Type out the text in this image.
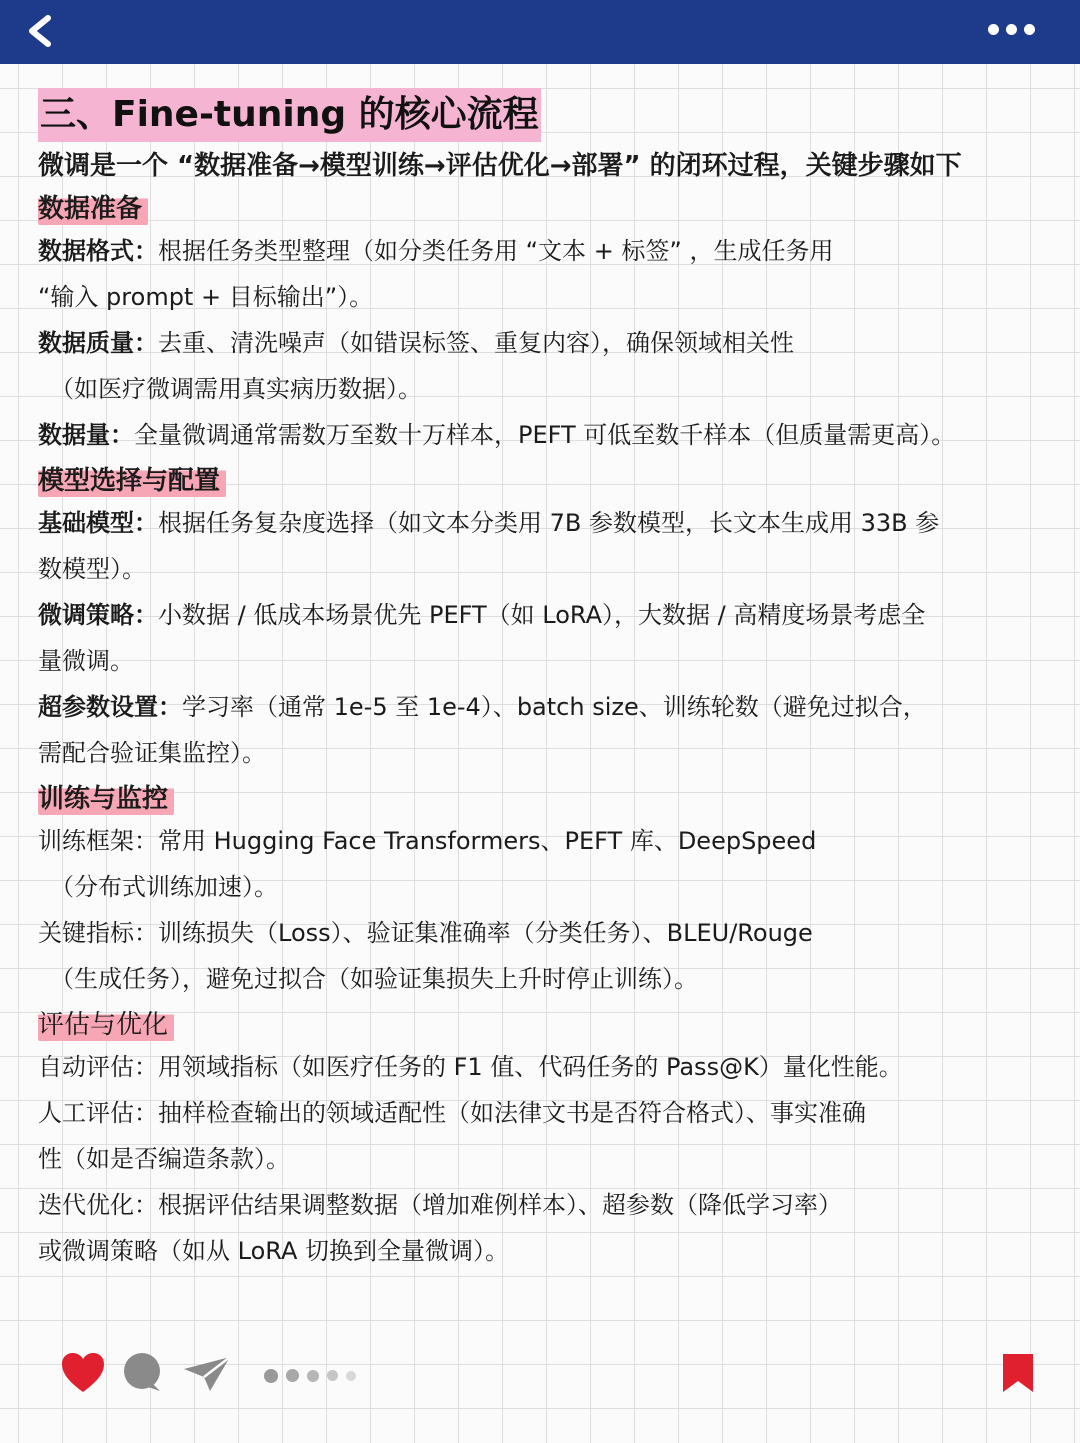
三、Fine-tuning 的核心流程
微调是一个 “数据准备→模型训练→评估优化→部署” 的闭环过程，关键步骤如下
数据准备
数据格式：根据任务类型整理（如分类任务用 “文本 + 标签” ，生成任务用
“输入 prompt + 目标输出”）。
数据质量：去重、清洗噪声（如错误标签、重复内容），确保领域相关性
（如医疗微调需用真实病历数据）。
数据量：全量微调通常需数万至数十万样本，PEFT 可低至数千样本（但质量需更高）。
模型选择与配置
基础模型：根据任务复杂度选择（如文本分类用 7B 参数模型，长文本生成用 33B 参
数模型）。
微调策略：小数据 / 低成本场景优先 PEFT（如 LoRA），大数据 / 高精度场景考虑全
量微调。
超参数设置：学习率（通常 1e-5 至 1e-4）、batch size、训练轮数（避免过拟合，
需配合验证集监控）。
训练与监控
训练框架：常用 Hugging Face Transformers、PEFT 库、DeepSpeed
（分布式训练加速）。
关键指标：训练损失（Loss）、验证集准确率（分类任务）、BLEU/Rouge
（生成任务），避免过拟合（如验证集损失上升时停止训练）。
评估与优化
自动评估：用领域指标（如医疗任务的 F1 值、代码任务的 Pass@K）量化性能。
人工评估：抽样检查输出的领域适配性（如法律文书是否符合格式）、事实准确
性（如是否编造条款）。
迭代优化：根据评估结果调整数据（增加难例样本）、超参数（降低学习率）
或微调策略（如从 LoRA 切换到全量微调）。
